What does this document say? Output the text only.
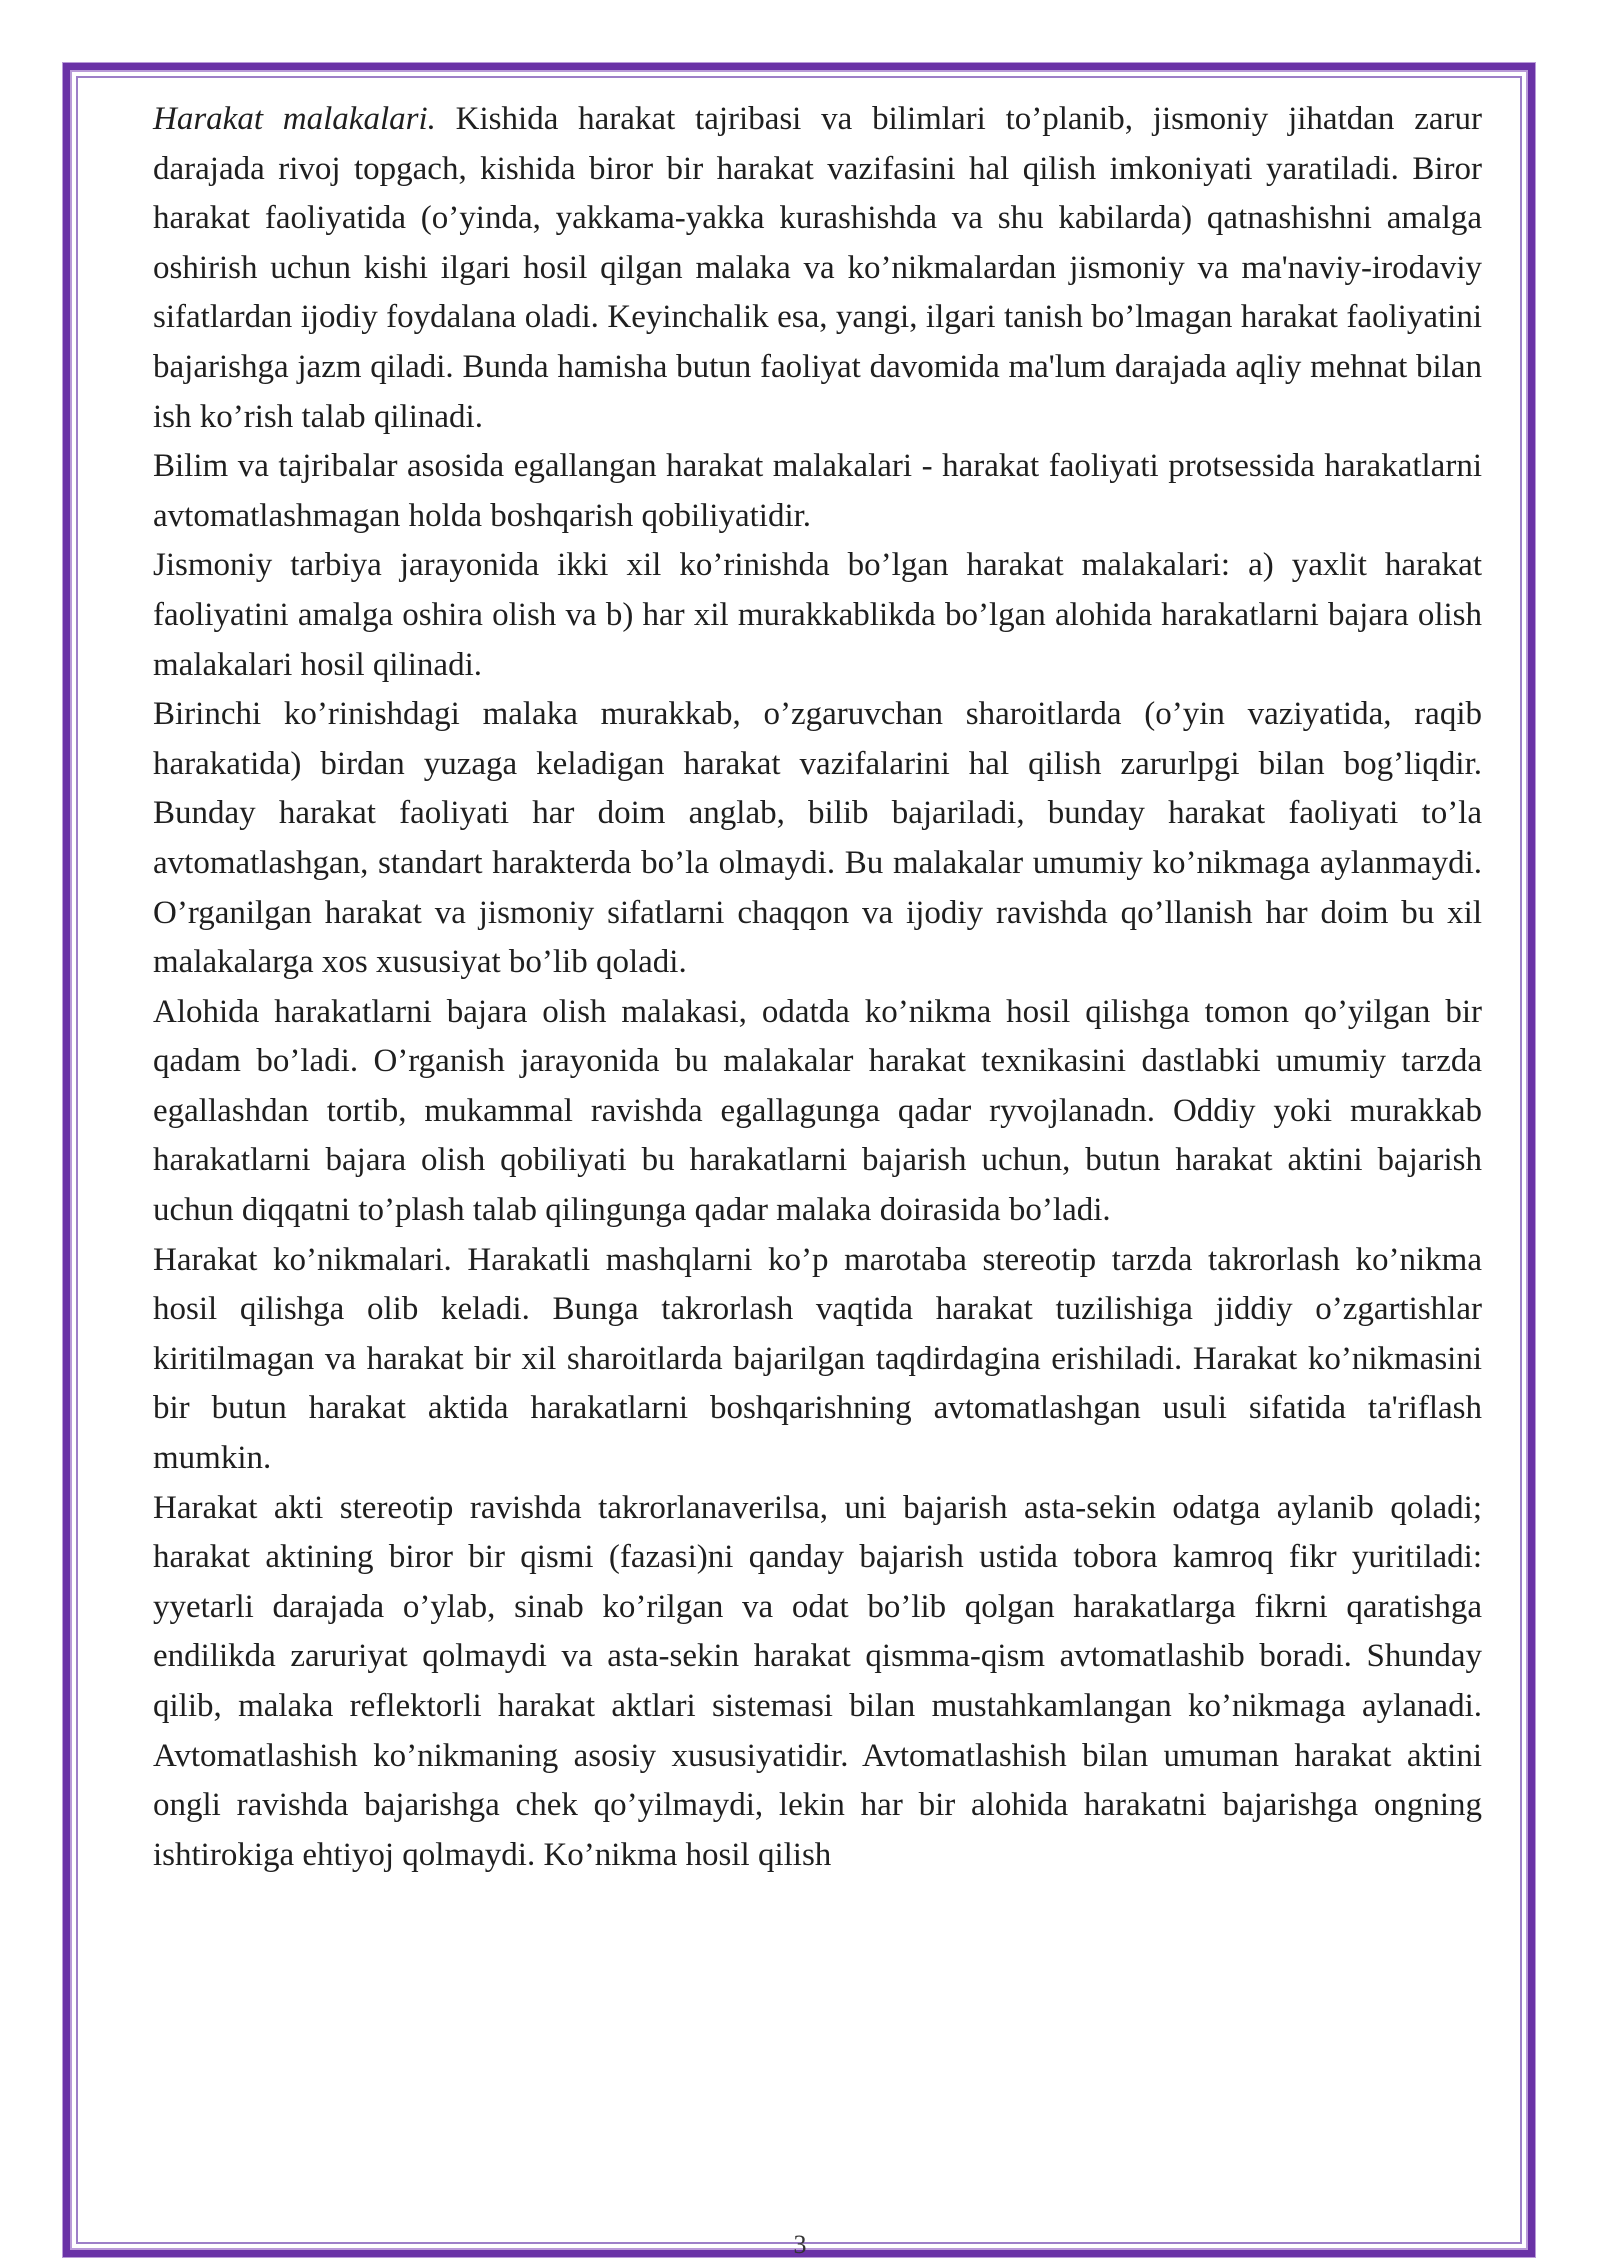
Harakat malakalari. Kishida harakat tajribasi va bilimlari to’planib, jismoniy jihatdan zarur darajada rivoj topgach, kishida biror bir harakat vazifasini hal qilish imkoniyati yaratiladi. Biror harakat faoliyatida (o’yinda, yakkama-yakka kurashishda va shu kabilarda) qatnashishni amalga oshirish uchun kishi ilgari hosil qilgan malaka va ko’nikmalardan jismoniy va ma'naviy-irodaviy sifatlardan ijodiy foydalana oladi. Keyinchalik esa, yangi, ilgari tanish bo’lmagan harakat faoliyatini bajarishga jazm qiladi. Bunda hamisha butun faoliyat davomida ma'lum darajada aqliy mehnat bilan ish ko’rish talab qilinadi.

Bilim va tajribalar asosida egallangan harakat malakalari - harakat faoliyati protsessida harakatlarni avtomatlashmagan holda boshqarish qobiliyatidir.

Jismoniy tarbiya jarayonida ikki xil ko’rinishda bo’lgan harakat malakalari: a) yaxlit harakat faoliyatini amalga oshira olish va b) har xil murakkablikda bo’lgan alohida harakatlarni bajara olish malakalari hosil qilinadi.

Birinchi ko’rinishdagi malaka murakkab, o’zgaruvchan sharoitlarda (o’yin vaziyatida, raqib harakatida) birdan yuzaga keladigan harakat vazifalarini hal qilish zarurlpgi bilan bog’liqdir. Bunday harakat faoliyati har doim anglab, bilib bajariladi, bunday harakat faoliyati to’la avtomatlashgan, standart harakterda bo’la olmaydi. Bu malakalar umumiy ko’nikmaga aylanmaydi. O’rganilgan harakat va jismoniy sifatlarni chaqqon va ijodiy ravishda qo’llanish har doim bu xil malakalarga xos xususiyat bo’lib qoladi.

Alohida harakatlarni bajara olish malakasi, odatda ko’nikma hosil qilishga tomon qo’yilgan bir qadam bo’ladi. O’rganish jarayonida bu malakalar harakat texnikasini dastlabki umumiy tarzda egallashdan tortib, mukammal ravishda egallagunga qadar ryvojlanadn. Oddiy yoki murakkab harakatlarni bajara olish qobiliyati bu harakatlarni bajarish uchun, butun harakat aktini bajarish uchun diqqatni to’plash talab qilingunga qadar malaka doirasida bo’ladi.

Harakat ko’nikmalari. Harakatli mashqlarni ko’p marotaba stereotip tarzda takrorlash ko’nikma hosil qilishga olib keladi. Bunga takrorlash vaqtida harakat tuzilishiga jiddiy o’zgartishlar kiritilmagan va harakat bir xil sharoitlarda bajarilgan taqdirdagina erishiladi. Harakat ko’nikmasini bir butun harakat aktida harakatlarni boshqarishning avtomatlashgan usuli sifatida ta'riflash mumkin.

Harakat akti stereotip ravishda takrorlanaverilsa, uni bajarish asta-sekin odatga aylanib qoladi; harakat aktining biror bir qismi (fazasi)ni qanday bajarish ustida tobora kamroq fikr yuritiladi: yyetarli darajada o’ylab, sinab ko’rilgan va odat bo’lib qolgan harakatlarga fikrni qaratishga endilikda zaruriyat qolmaydi va asta-sekin harakat qismma-qism avtomatlashib boradi. Shunday qilib, malaka reflektorli harakat aktlari sistemasi bilan mustahkamlangan ko’nikmaga aylanadi. Avtomatlashish ko’nikmaning asosiy xususiyatidir. Avtomatlashish bilan umuman harakat aktini ongli ravishda bajarishga chek qo’yilmaydi, lekin har bir alohida harakatni bajarishga ongning ishtirokiga ehtiyoj qolmaydi. Ko’nikma hosil qilish

3
